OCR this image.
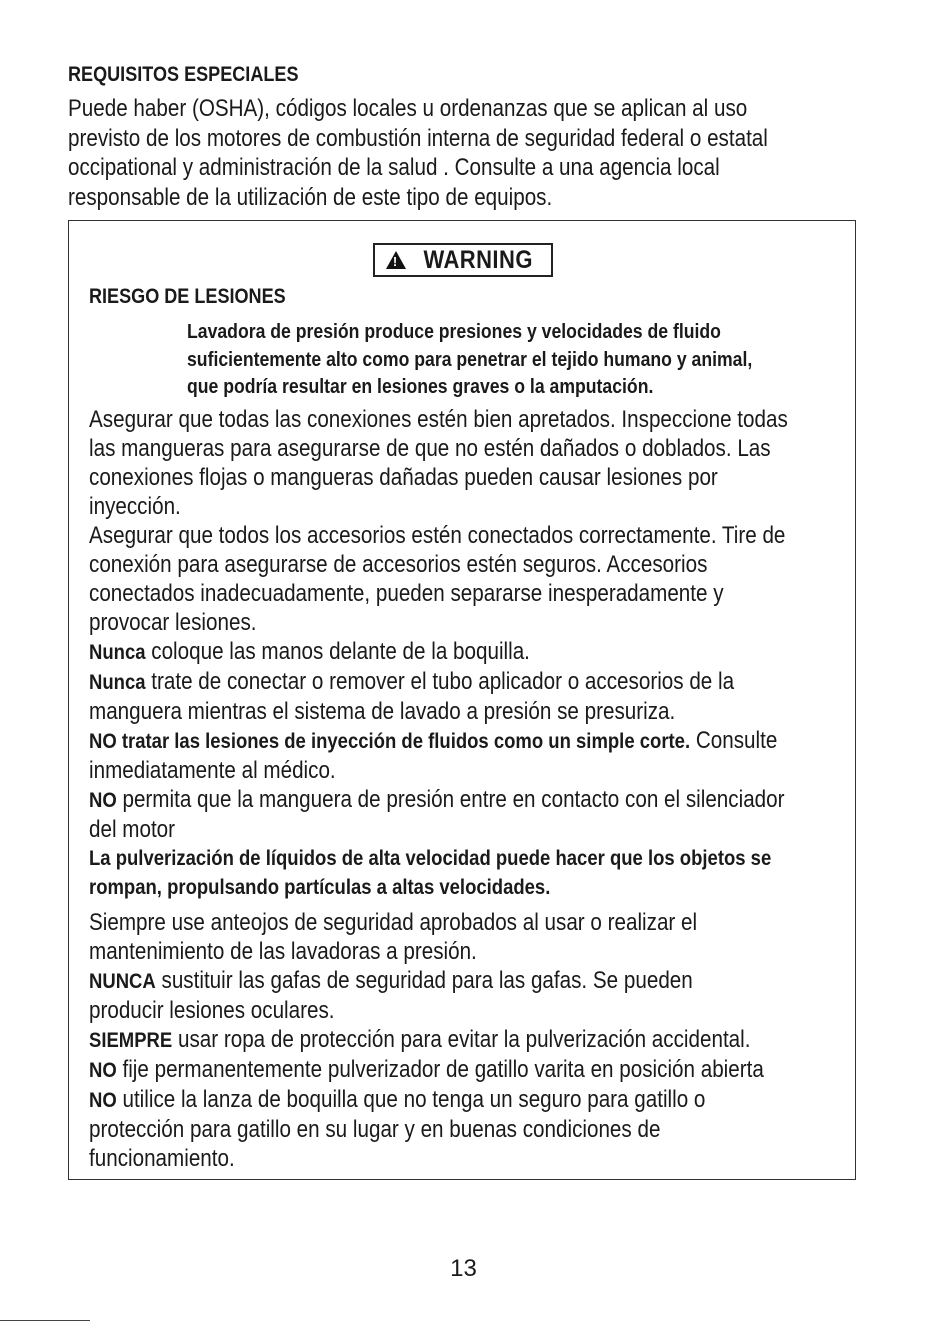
REQUISITOS ESPECIALES
Puede haber (OSHA), códigos locales u ordenanzas que se aplican al uso
previsto de los motores de combustión interna de seguridad federal o estatal
occipational y administración de la salud . Consulte a una agencia local
responsable de la utilización de este tipo de equipos.
!
WARNING
RIESGO DE LESIONES
Lavadora de presión produce presiones y velocidades de fluido
suficientemente alto como para penetrar el tejido humano y animal,
que podría resultar en lesiones graves o la amputación.
Asegurar que todas las conexiones estén bien apretados. Inspeccione todas
las mangueras para asegurarse de que no estén dañados o doblados. Las
conexiones flojas o mangueras dañadas pueden causar lesiones por
inyección.
Asegurar que todos los accesorios estén conectados correctamente. Tire de
conexión para asegurarse de accesorios estén seguros. Accesorios
conectados inadecuadamente, pueden separarse inesperadamente y
provocar lesiones.
Nunca coloque las manos delante de la boquilla.
Nunca trate de conectar o remover el tubo aplicador o accesorios de la
manguera mientras el sistema de lavado a presión se presuriza.
NO tratar las lesiones de inyección de fluidos como un simple corte. Consulte
inmediatamente al médico.
NO permita que la manguera de presión entre en contacto con el silenciador
del motor
La pulverización de líquidos de alta velocidad puede hacer que los objetos se
rompan, propulsando partículas a altas velocidades.
Siempre use anteojos de seguridad aprobados al usar o realizar el
mantenimiento de las lavadoras a presión.
NUNCA sustituir las gafas de seguridad para las gafas. Se pueden
producir lesiones oculares.
SIEMPRE usar ropa de protección para evitar la pulverización accidental.
NO fije permanentemente pulverizador de gatillo varita en posición abierta
NO utilice la lanza de boquilla que no tenga un seguro para gatillo o
protección para gatillo en su lugar y en buenas condiciones de
funcionamiento.
13
